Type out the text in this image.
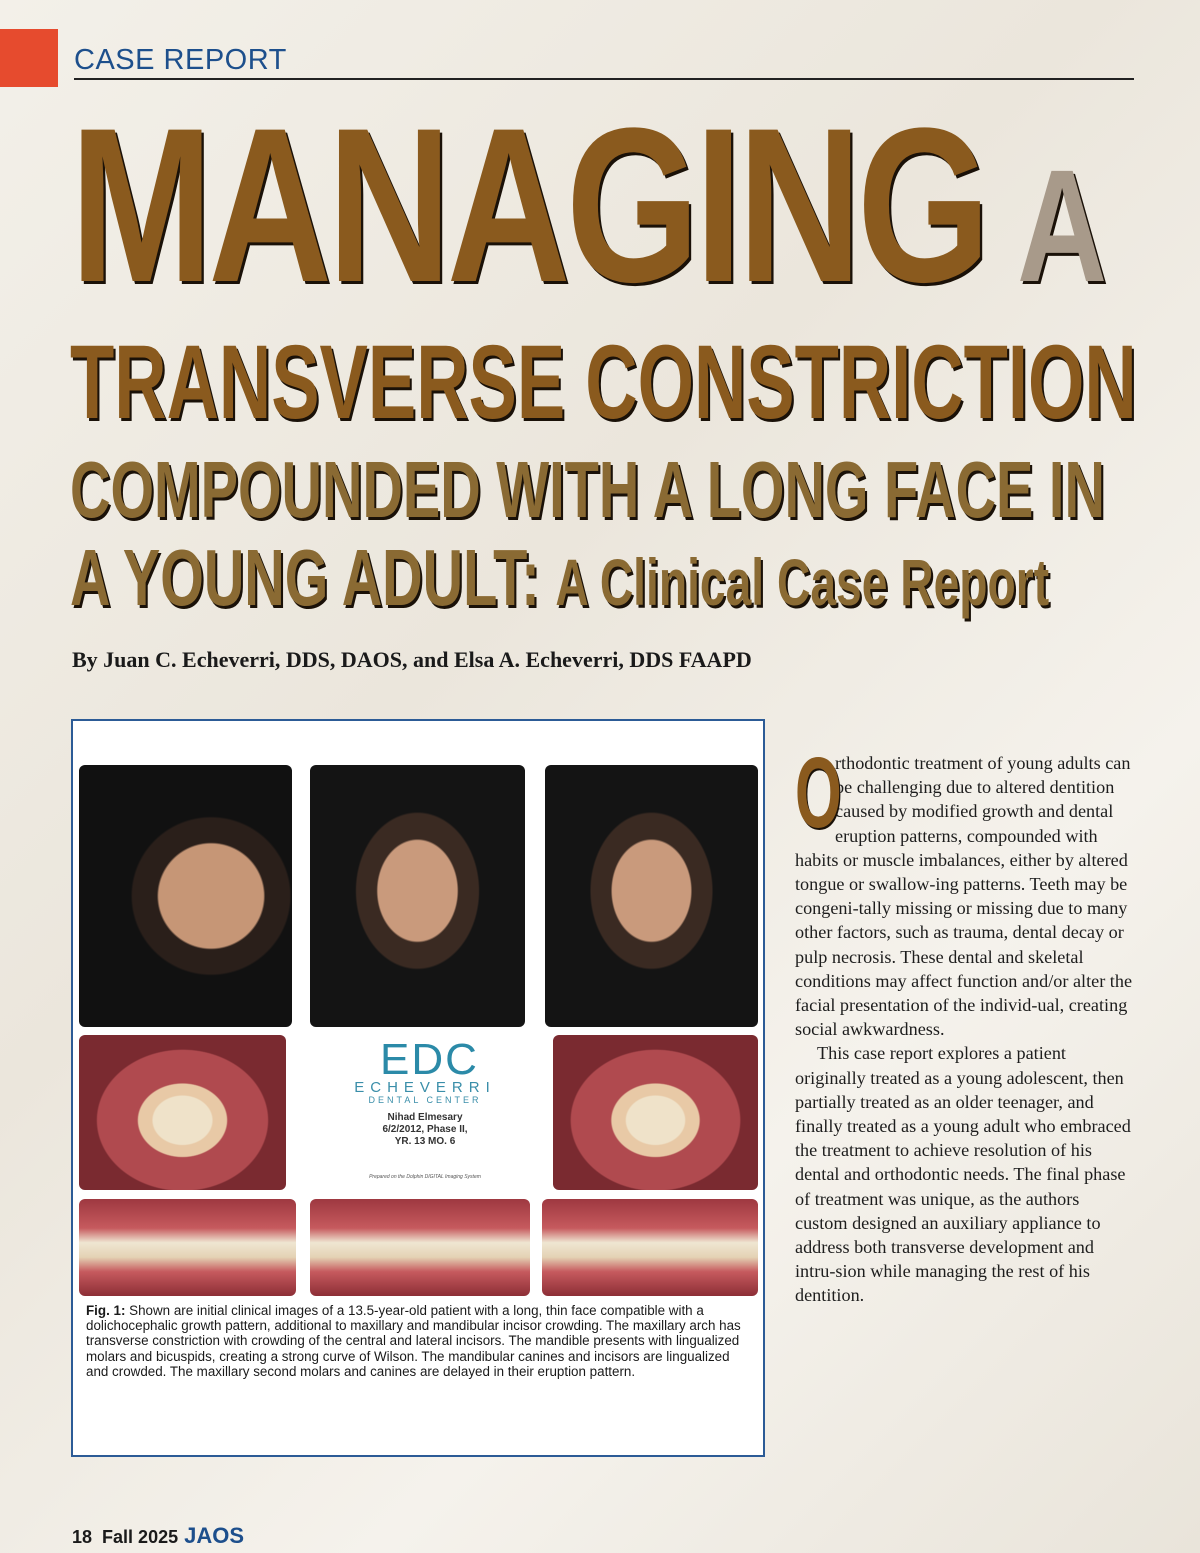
CASE REPORT
MANAGING A
TRANSVERSE CONSTRICTION
COMPOUNDED WITH A LONG FACE IN
A YOUNG ADULT: A Clinical Case Report
By Juan C. Echeverri, DDS, DAOS, and Elsa A. Echeverri, DDS FAAPD
EDC
ECHEVERRI
DENTAL CENTER
Nihad Elmesary
6/2/2012, Phase II,
YR. 13 MO. 6
Prepared on the Dolphin DIGITAL Imaging System
Fig. 1: Shown are initial clinical images of a 13.5-year-old patient with a long, thin face compatible with a dolichocephalic growth pattern, additional to maxillary and mandibular incisor crowding. The maxillary arch has transverse constriction with crowding of the central and lateral incisors. The mandible presents with lingualized molars and bicuspids, creating a strong curve of Wilson. The mandibular canines and incisors are lingualized and crowded. The maxillary second molars and canines are delayed in their eruption pattern.

O
rthodontic treatment of young adults can be challenging due to altered dentition caused by modified growth and dental eruption patterns, compounded with habits or muscle imbalances, either by altered tongue or swallow-ing patterns. Teeth may be congeni-tally missing or missing due to many other factors, such as trauma, dental decay or pulp necrosis. These dental and skeletal conditions may affect function and/or alter the facial presentation of the individ-ual, creating social awkwardness.

This case report explores a patient originally treated as a young adolescent, then partially treated as an older teenager, and finally treated as a young adult who embraced the treatment to achieve resolution of his dental and orthodontic needs. The final phase of treatment was unique, as the authors custom designed an auxiliary appliance to address both transverse development and intru-sion while managing the rest of his dentition.

18 Fall 2025 JAOS
